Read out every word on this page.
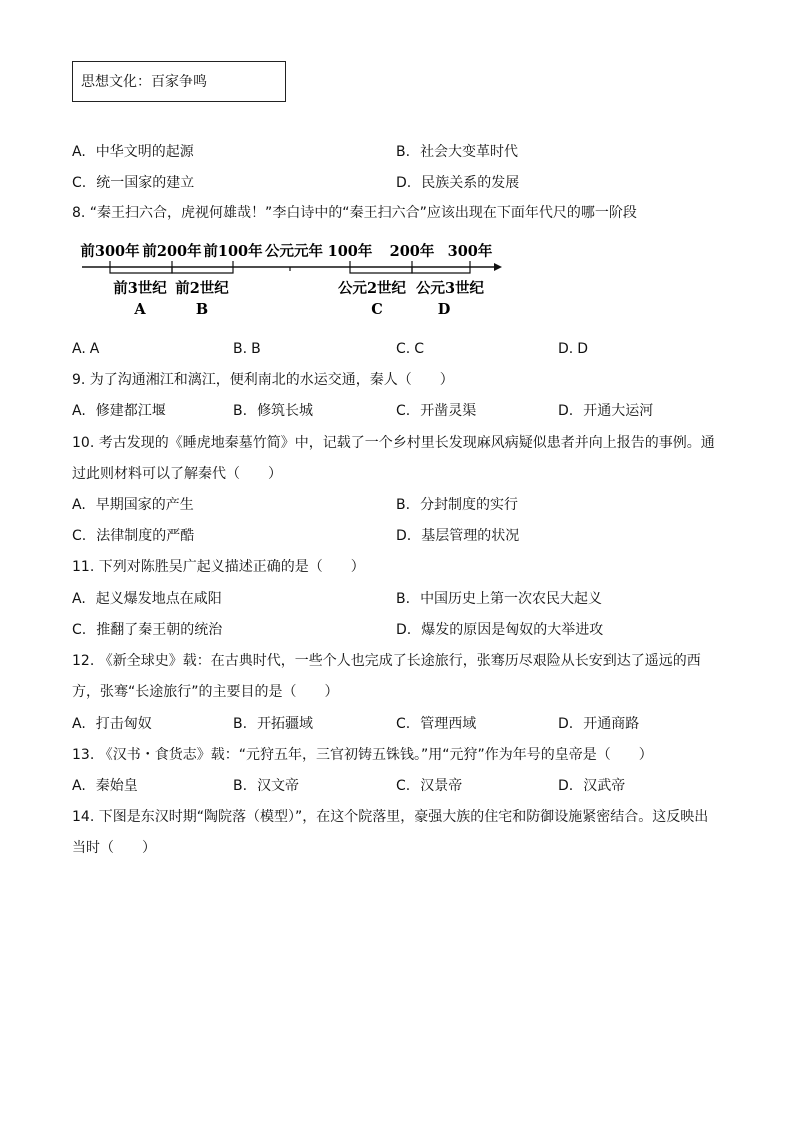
思想文化：百家争鸣
A. 中华文明的起源	B. 社会大变革时代
C. 统一国家的建立	D. 民族关系的发展
8. “秦王扫六合，虎视何雄哉！”李白诗中的“秦王扫六合”应该出现在下面年代尺的哪一阶段
前300年 前200年 前100年 公元元年 100年 200年 300年
前3世纪 前2世纪	公元2世纪 公元3世纪
A	B	C	D
A. A	B. B	C. C	D. D
9. 为了沟通湘江和漓江，便利南北的水运交通，秦人（　　）
A. 修建都江堰	B. 修筑长城	C. 开凿灵渠	D. 开通大运河
10. 考古发现的《睡虎地秦墓竹简》中，记载了一个乡村里长发现麻风病疑似患者并向上报告的事例。通
过此则材料可以了解秦代（　　）
A. 早期国家的产生	B. 分封制度的实行
C. 法律制度的严酷	D. 基层管理的状况
11. 下列对陈胜吴广起义描述正确的是（　　）
A. 起义爆发地点在咸阳	B. 中国历史上第一次农民大起义
C. 推翻了秦王朝的统治	D. 爆发的原因是匈奴的大举进攻
12. 《新全球史》载：在古典时代，一些个人也完成了长途旅行，张骞历尽艰险从长安到达了遥远的西
方，张骞“长途旅行”的主要目的是（　　）
A. 打击匈奴	B. 开拓疆域	C. 管理西域	D. 开通商路
13. 《汉书・食货志》载：“元狩五年，三官初铸五铢钱。”用“元狩”作为年号的皇帝是（　　）
A. 秦始皇	B. 汉文帝	C. 汉景帝	D. 汉武帝
14. 下图是东汉时期“陶院落（模型）”，在这个院落里，豪强大族的住宅和防御设施紧密结合。这反映出
当时（　　）
